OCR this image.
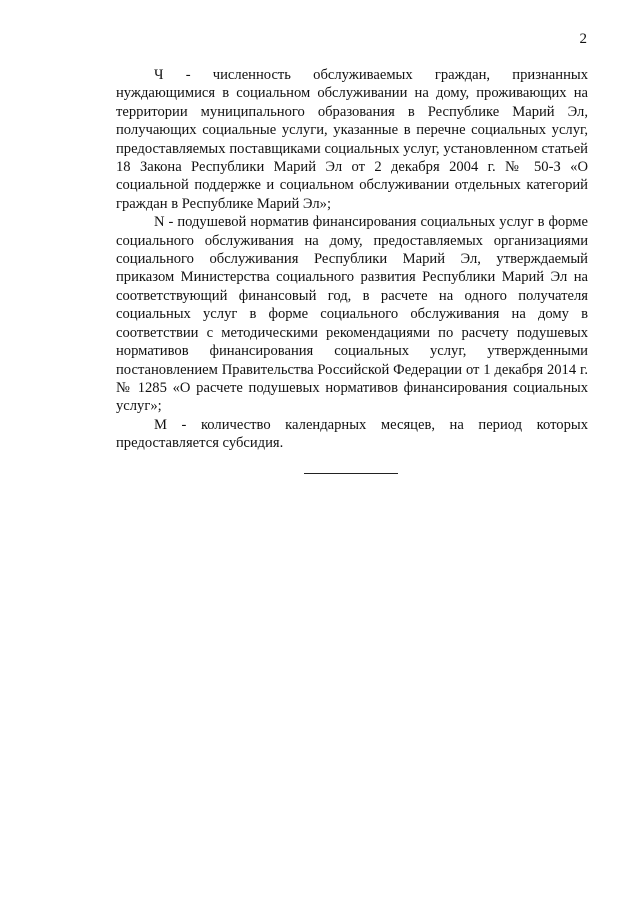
2

Ч - численность обслуживаемых граждан, признанных нуждающимися в социальном обслуживании на дому, проживающих на территории муниципального образования в Республике Марий Эл, получающих социальные услуги, указанные в перечне социальных услуг, предоставляемых поставщиками социальных услуг, установленном статьей 18 Закона Республики Марий Эл от 2 декабря 2004 г. № 50-З «О социальной поддержке и социальном обслуживании отдельных категорий граждан в Республике Марий Эл»;

N - подушевой норматив финансирования социальных услуг в форме социального обслуживания на дому, предоставляемых организациями социального обслуживания Республики Марий Эл, утверждаемый приказом Министерства социального развития Республики Марий Эл на соответствующий финансовый год, в расчете на одного получателя социальных услуг в форме социального обслуживания на дому в соответствии с методическими рекомендациями по расчету подушевых нормативов финансирования социальных услуг, утвержденными постановлением Правительства Российской Федерации от 1 декабря 2014 г. № 1285 «О расчете подушевых нормативов финансирования социальных услуг»;

М - количество календарных месяцев, на период которых предоставляется субсидия.
